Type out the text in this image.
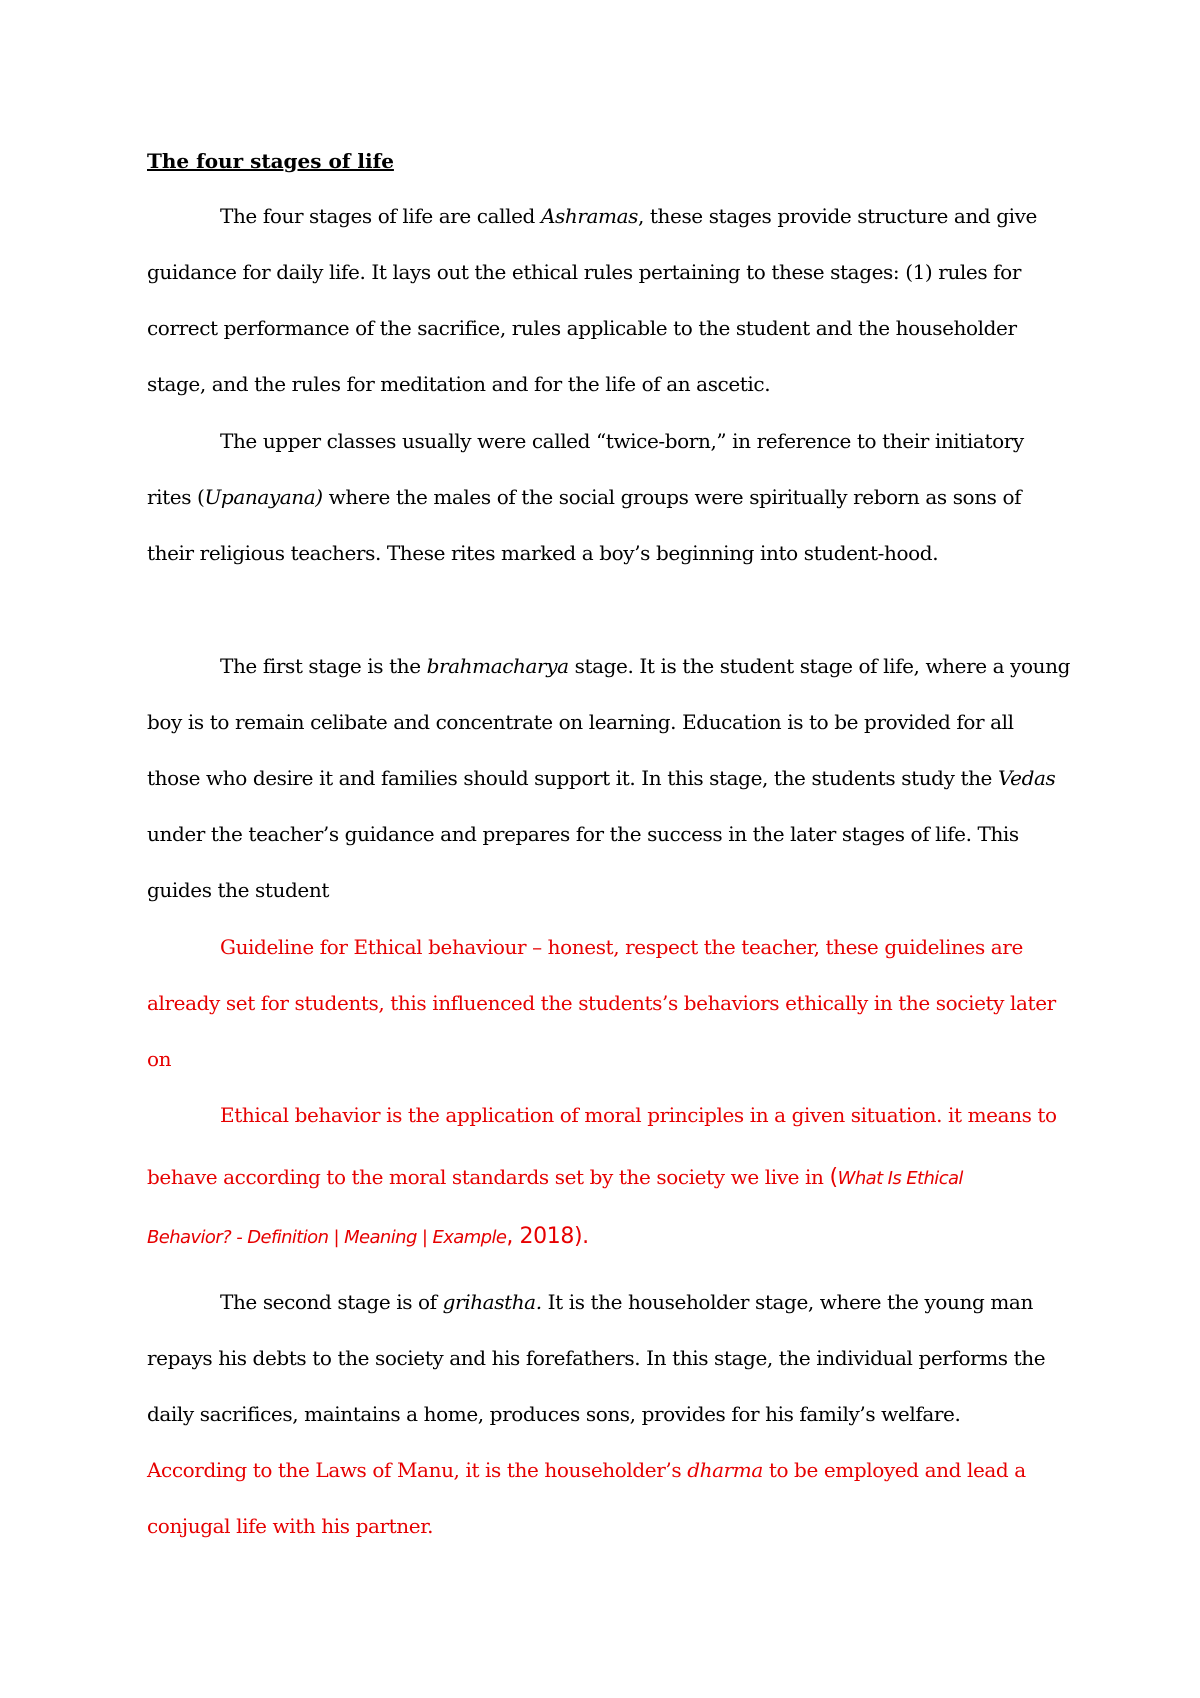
The four stages of life
The four stages of life are called Ashramas, these stages provide structure and give
guidance for daily life. It lays out the ethical rules pertaining to these stages: (1) rules for
correct performance of the sacrifice, rules applicable to the student and the householder
stage, and the rules for meditation and for the life of an ascetic.
The upper classes usually were called “twice-born,” in reference to their initiatory
rites (Upanayana) where the males of the social groups were spiritually reborn as sons of
their religious teachers. These rites marked a boy’s beginning into student-hood.
The first stage is the brahmacharya stage. It is the student stage of life, where a young
boy is to remain celibate and concentrate on learning. Education is to be provided for all
those who desire it and families should support it. In this stage, the students study the Vedas
under the teacher’s guidance and prepares for the success in the later stages of life. This
guides the student
Guideline for Ethical behaviour – honest, respect the teacher, these guidelines are
already set for students, this influenced the students’s behaviors ethically in the society later
on
Ethical behavior is the application of moral principles in a given situation. it means to
behave according to the moral standards set by the society we live in (What Is Ethical
Behavior? - Definition | Meaning | Example, 2018).
The second stage is of grihastha. It is the householder stage, where the young man
repays his debts to the society and his forefathers. In this stage, the individual performs the
daily sacrifices, maintains a home, produces sons, provides for his family’s welfare.
According to the Laws of Manu, it is the householder’s dharma to be employed and lead a
conjugal life with his partner.
